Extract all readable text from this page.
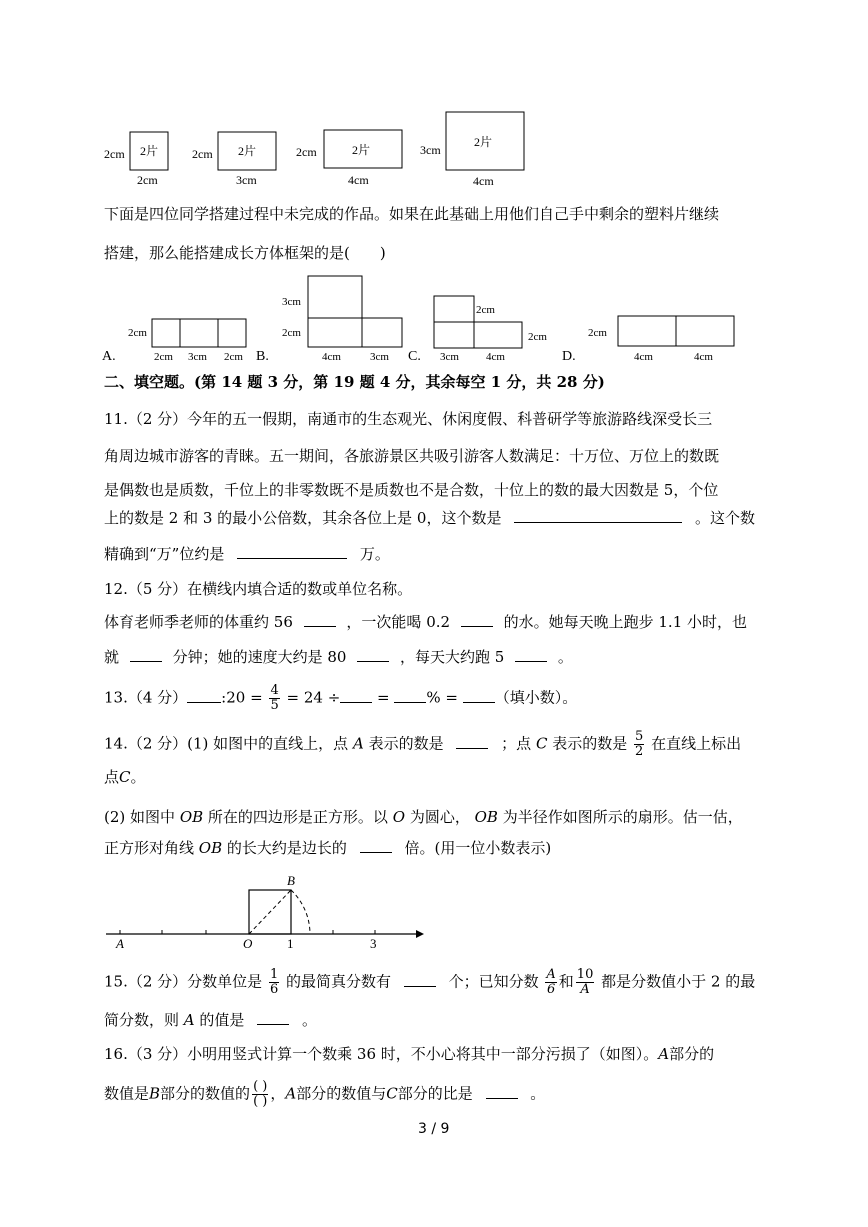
2cm 2片
2cm
2cm 2片
3cm
2cm	2片
4cm
3cm
2片
4cm
下面是四位同学搭建过程中未完成的作品。如果在此基础上用他们自己手中剩余的塑料片继续
搭建，那么能搭建成长方体框架的是(　　)
A.
2cm
2cm 3cm 2cm B.
3cm
2cm
4cm	3cm C.
2cm
2cm
3cm 4cm	D.
2cm
4cm	4cm
二、填空题。(第 14 题 3 分，第 19 题 4 分，其余每空 1 分，共 28 分)
11.（2 分）今年的五一假期，南通市的生态观光、休闲度假、科普研学等旅游路线深受长三
角周边城市游客的青睐。五一期间，各旅游景区共吸引游客人数满足：十万位、万位上的数既
是偶数也是质数，千位上的非零数既不是质数也不是合数，十位上的数的最大因数是 5，个位
上的数是 2 和 3 的最小公倍数，其余各位上是 0，这个数是	。这个数
精确到“万”位约是	万。
12.（5 分）在横线内填合适的数或单位名称。
体育老师季老师的体重约 56	，一次能喝 0.2	的水。她每天晚上跑步 1.1 小时，也
就	分钟；她的速度大约是 80	，每天大约跑 5	。
13.（4 分） :20 = $\frac{4}{5} = 24$ ÷ = % = （填小数）。
14.（2 分）(1) 如图中的直线上，点 A 表示的数是	；点 C 表示的数是 $\frac{5}{2}$ 在直线上标出
点C。
(2) 如图中 OB 所在的四边形是正方形。以 O 为圆心， OB 为半径作如图所示的扇形。估一估，
正方形对角线 OB 的长大约是边长的	倍。(用一位小数表示)
B
A	O	1	3
15.（2 分）分数单位是 $\frac{1}{6}$ 的最简真分数有	个；已知分数 $\frac{A}{6}$ 和 $\frac{10}{A}$ 都是分数值小于 2 的最
简分数，则 A 的值是	。
16.（3 分）小明用竖式计算一个数乘 36 时，不小心将其中一部分污损了（如图）。A部分的
数值是B部分的数值的 $\frac{( )}{( )}$ ，A部分的数值与C部分的比是	。
3 / 9
